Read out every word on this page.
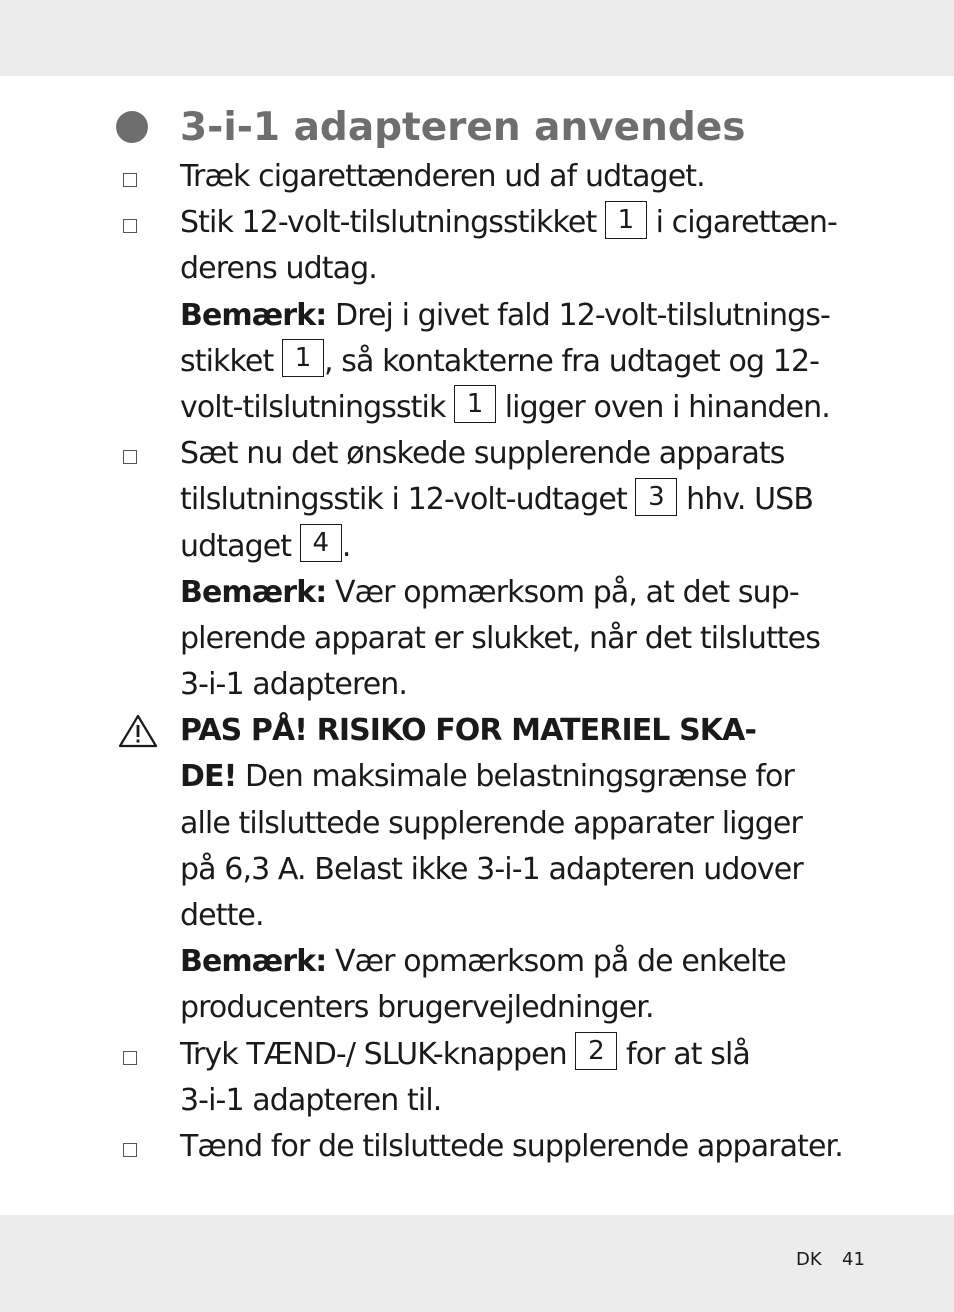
3-i-1 adapteren anvendes
Træk cigarettænderen ud af udtaget.
Stik 12-volt-tilslutningsstikket 1 i cigarettæn-
derens udtag.
Bemærk: Drej i givet fald 12-volt-tilslutnings-
stikket 1 , så kontakterne fra udtaget og 12-
volt-tilslutningsstik 1 ligger oven i hinanden.
Sæt nu det ønskede supplerende apparats
tilslutningsstik i 12-volt-udtaget 3 hhv. USB
udtaget 4 .
Bemærk: Vær opmærksom på, at det sup-
plerende apparat er slukket, når det tilsluttes
3-i-1 adapteren.
PAS PÅ! RISIKO FOR MATERIEL SKA-
DE! Den maksimale belastningsgrænse for
alle tilsluttede supplerende apparater ligger
på 6,3 A. Belast ikke 3-i-1 adapteren udover
dette.
Bemærk: Vær opmærksom på de enkelte
producenters brugervejledninger.
Tryk TÆND-/ SLUK-knappen 2 for at slå
3-i-1 adapteren til.
Tænd for de tilsluttede supplerende apparater.
DK 41
